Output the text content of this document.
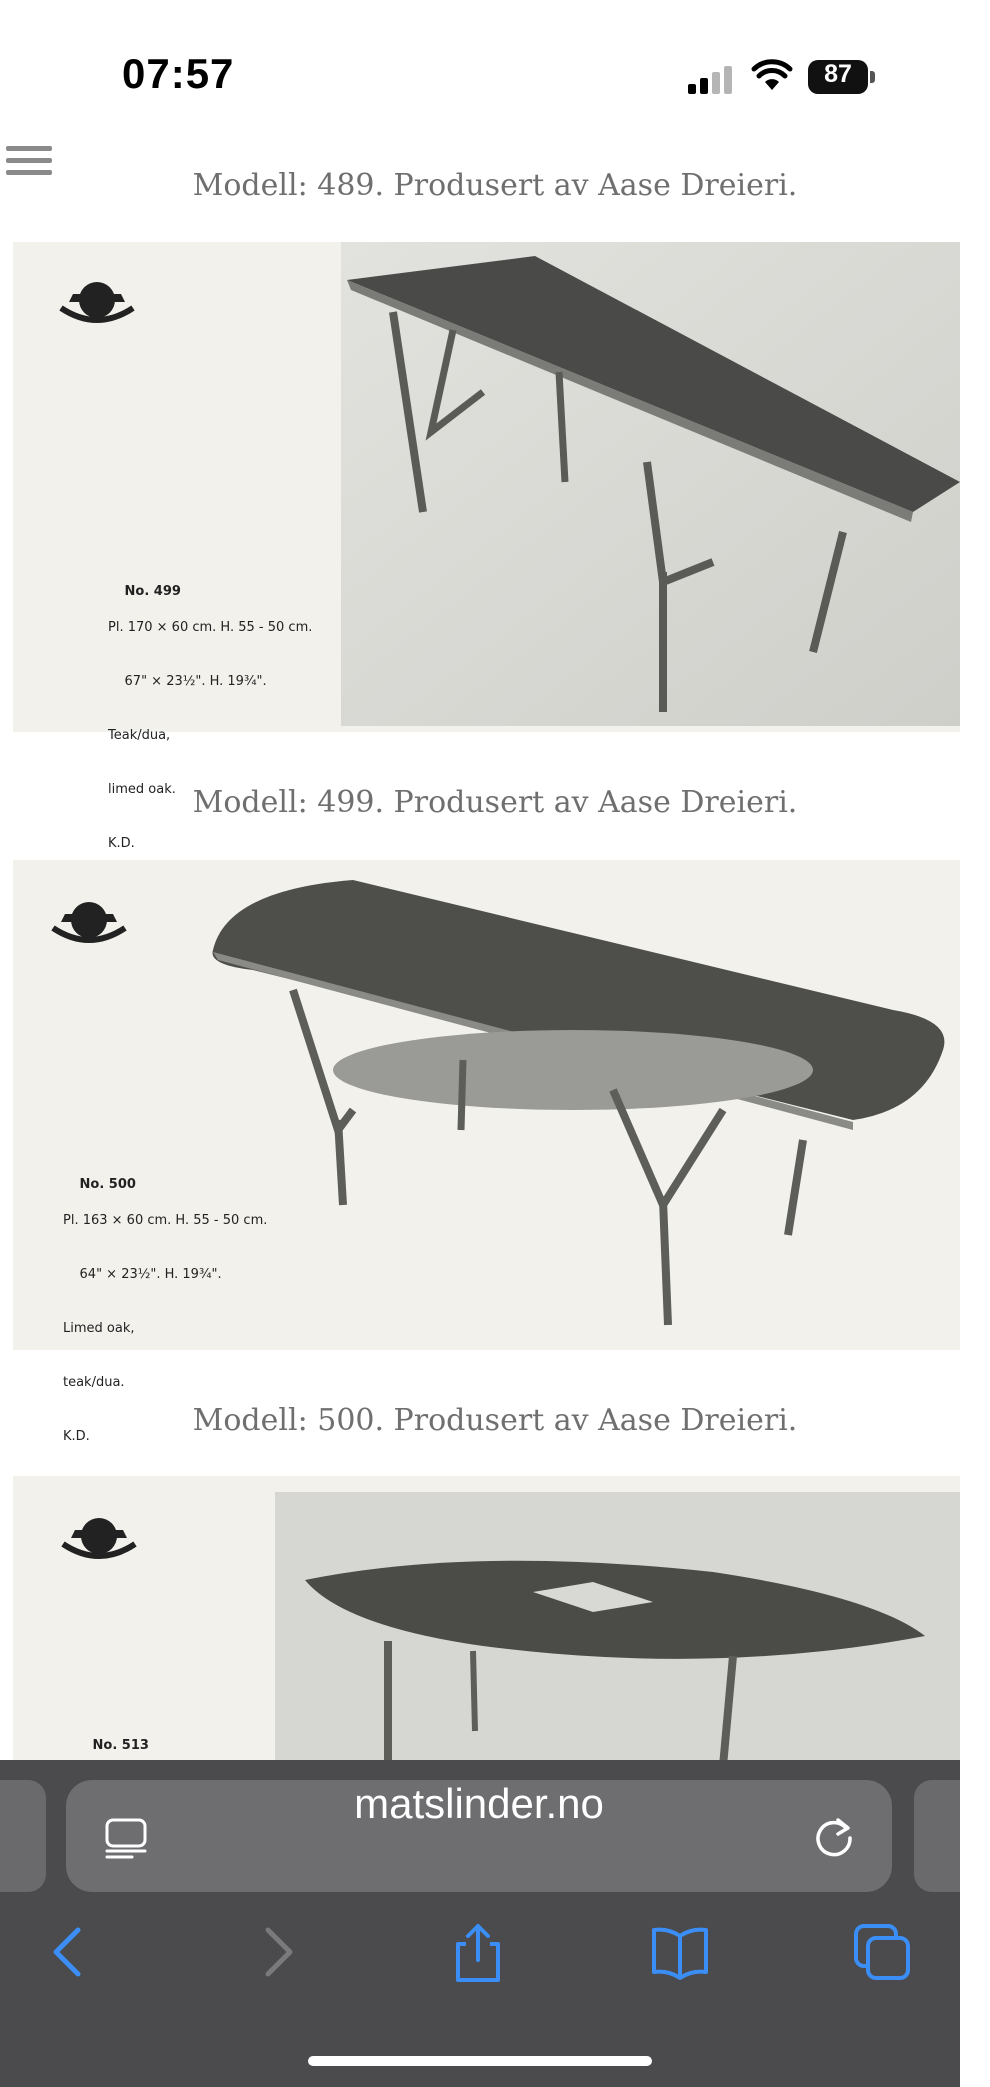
07:57	87
Modell: 489. Produsert av Aase Dreieri.

No. 499

Pl. 170 × 60 cm. H. 55 - 50 cm.

67" × 23½". H. 19¾".

Teak/dua,

limed oak.

K.D.

Modell: 499. Produsert av Aase Dreieri.

No. 500

Pl. 163 × 60 cm. H. 55 - 50 cm.

64" × 23½". H. 19¾".

Limed oak,

teak/dua.

K.D.

	Modell: 500. Produsert av Aase Dreieri.

No. 513

matslinder.no
